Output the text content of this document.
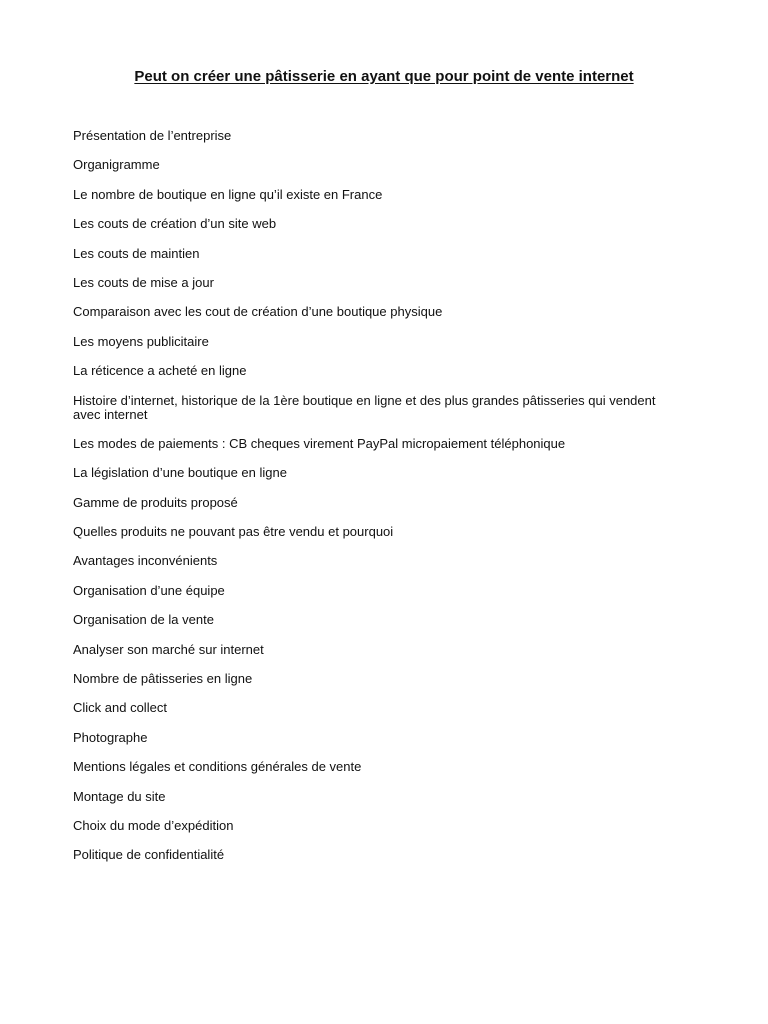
Peut on créer une pâtisserie en ayant que pour point de vente internet
Présentation de l’entreprise
Organigramme
Le nombre de boutique en ligne qu’il existe en France
Les couts de création d’un site web
Les couts de maintien
Les couts de mise a jour
Comparaison avec les cout de création d’une boutique physique
Les moyens publicitaire
La réticence a acheté en ligne
Histoire d’internet, historique de la 1ère boutique en ligne et des plus grandes pâtisseries qui vendent avec internet
Les modes de paiements : CB cheques virement PayPal micropaiement téléphonique
La législation d’une boutique en ligne
Gamme de produits proposé
Quelles produits ne pouvant pas être vendu et pourquoi
Avantages inconvénients
Organisation d’une équipe
Organisation de la vente
Analyser son marché sur internet
Nombre de pâtisseries en ligne
Click and collect
Photographe
Mentions légales et conditions générales de vente
Montage du site
Choix du mode d’expédition
Politique de confidentialité
